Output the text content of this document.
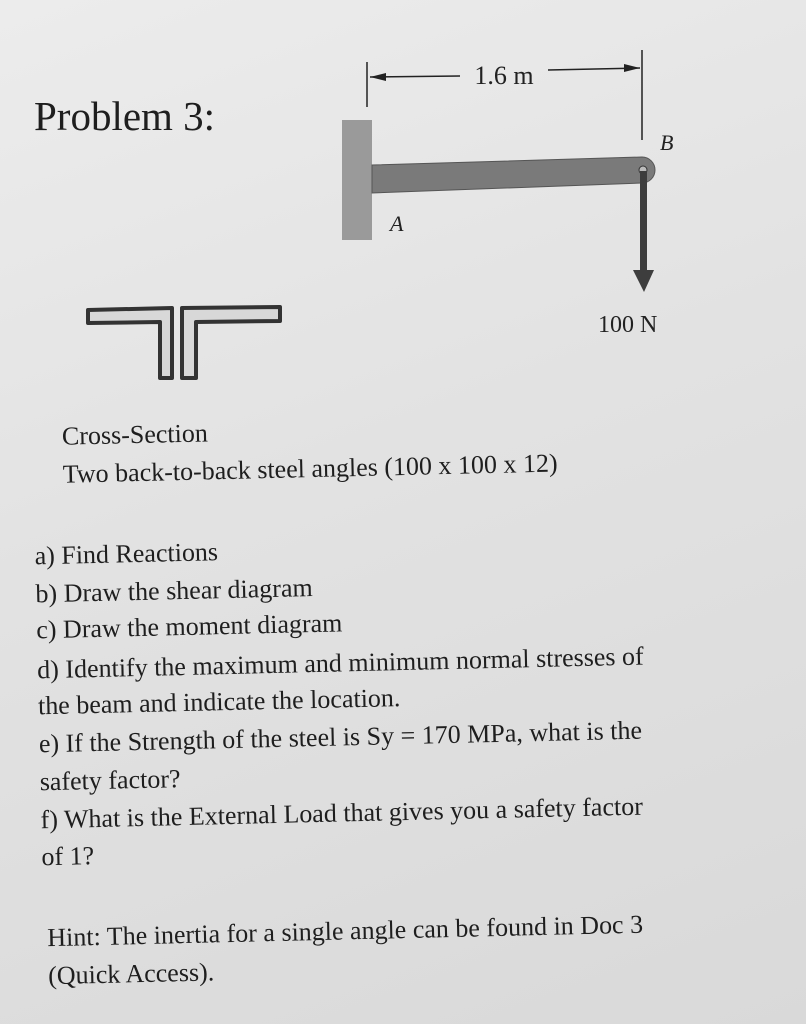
Problem 3:
1.6 m
A
B
100 N
Cross-Section
Two back-to-back steel angles (100 x 100 x 12)
a) Find Reactions
b) Draw the shear diagram
c) Draw the moment diagram
d) Identify the maximum and minimum normal stresses of
the beam and indicate the location.
e) If the Strength of the steel is Sy = 170 MPa, what is the
safety factor?
f) What is the External Load that gives you a safety factor
of 1?
Hint: The inertia for a single angle can be found in Doc 3
(Quick Access).
